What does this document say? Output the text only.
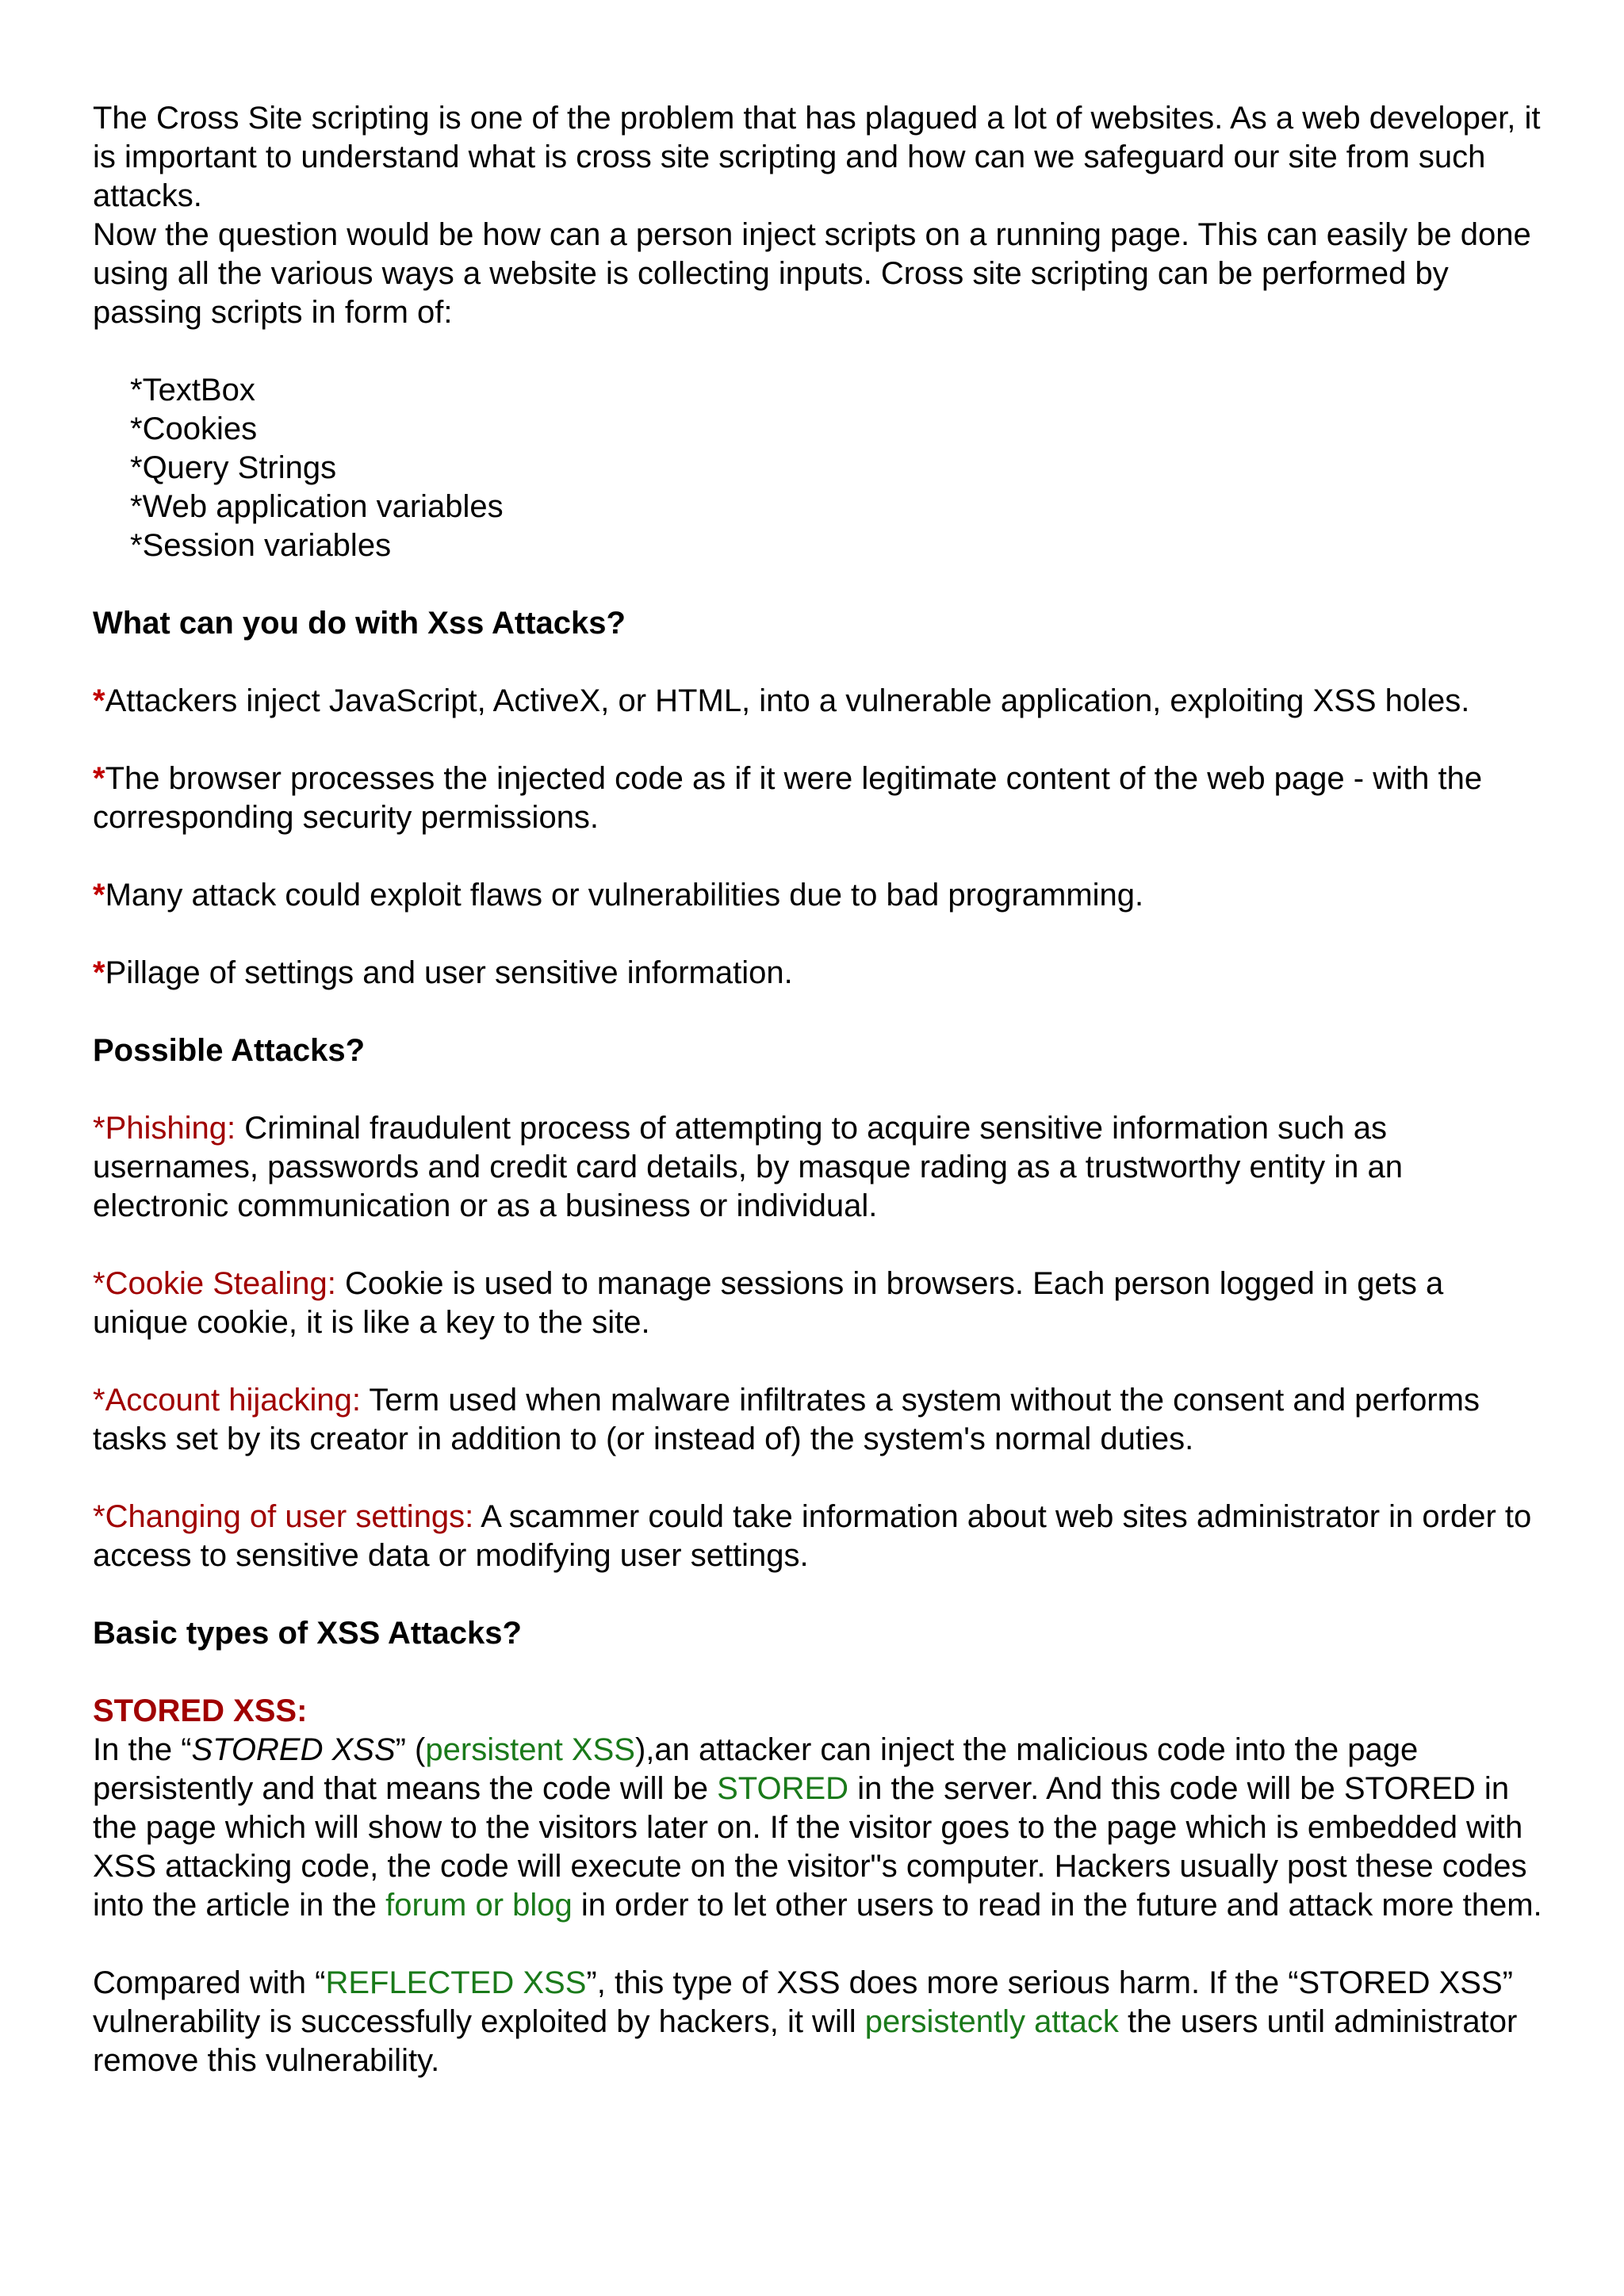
The Cross Site scripting is one of the problem that has plagued a lot of websites. As a web developer, it is important to understand what is cross site scripting and how can we safeguard our site from such attacks.

Now the question would be how can a person inject scripts on a running page. This can easily be done using all the various ways a website is collecting inputs. Cross site scripting can be performed by passing scripts in form of:

*TextBox

*Cookies

*Query Strings

*Web application variables

*Session variables

What can you do with Xss Attacks?

*Attackers inject JavaScript, ActiveX, or HTML, into a vulnerable application, exploiting XSS holes.

*The browser processes the injected code as if it were legitimate content of the web page - with the corresponding security permissions.

*Many attack could exploit flaws or vulnerabilities due to bad programming.

*Pillage of settings and user sensitive information.

Possible Attacks?

*Phishing: Criminal fraudulent process of attempting to acquire sensitive information such as usernames, passwords and credit card details, by masque rading as a trustworthy entity in an electronic communication or as a business or individual.

*Cookie Stealing: Cookie is used to manage sessions in browsers. Each person logged in gets a unique cookie, it is like a key to the site.

*Account hijacking: Term used when malware infiltrates a system without the consent and performs tasks set by its creator in addition to (or instead of) the system's normal duties.

*Changing of user settings: A scammer could take information about web sites administrator in order to access to sensitive data or modifying user settings.

Basic types of XSS Attacks?

STORED XSS:

In the “STORED XSS” (persistent XSS),an attacker can inject the malicious code into the page persistently and that means the code will be STORED in the server. And this code will be STORED in the page which will show to the visitors later on. If the visitor goes to the page which is embedded with XSS attacking code, the code will execute on the visitor"s computer. Hackers usually post these codes into the article in the forum or blog in order to let other users to read in the future and attack more them.

Compared with “REFLECTED XSS”, this type of XSS does more serious harm. If the “STORED XSS” vulnerability is successfully exploited by hackers, it will persistently attack the users until administrator remove this vulnerability.
